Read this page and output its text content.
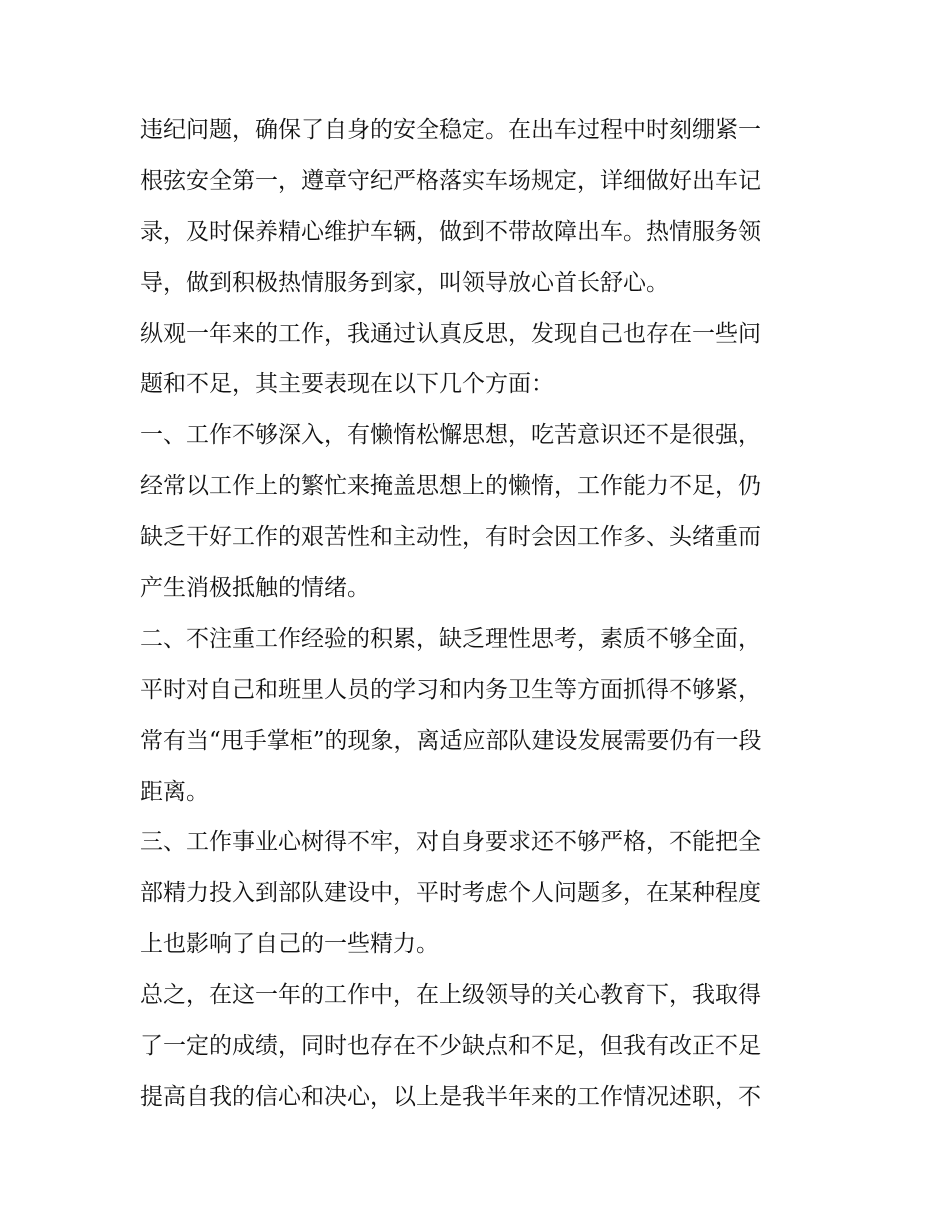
违纪问题，确保了自身的安全稳定。在出车过程中时刻绷紧一
根弦安全第一，遵章守纪严格落实车场规定，详细做好出车记
录，及时保养精心维护车辆，做到不带故障出车。热情服务领
导，做到积极热情服务到家，叫领导放心首长舒心。
纵观一年来的工作，我通过认真反思，发现自己也存在一些问
题和不足，其主要表现在以下几个方面：
一、工作不够深入，有懒惰松懈思想，吃苦意识还不是很强，
经常以工作上的繁忙来掩盖思想上的懒惰，工作能力不足，仍
缺乏干好工作的艰苦性和主动性，有时会因工作多、头绪重而
产生消极抵触的情绪。
二、不注重工作经验的积累，缺乏理性思考，素质不够全面，
平时对自己和班里人员的学习和内务卫生等方面抓得不够紧，
常有当“甩手掌柜”的现象，离适应部队建设发展需要仍有一段
距离。
三、工作事业心树得不牢，对自身要求还不够严格，不能把全
部精力投入到部队建设中，平时考虑个人问题多，在某种程度
上也影响了自己的一些精力。
总之，在这一年的工作中，在上级领导的关心教育下，我取得
了一定的成绩，同时也存在不少缺点和不足，但我有改正不足
提高自我的信心和决心，以上是我半年来的工作情况述职，不
